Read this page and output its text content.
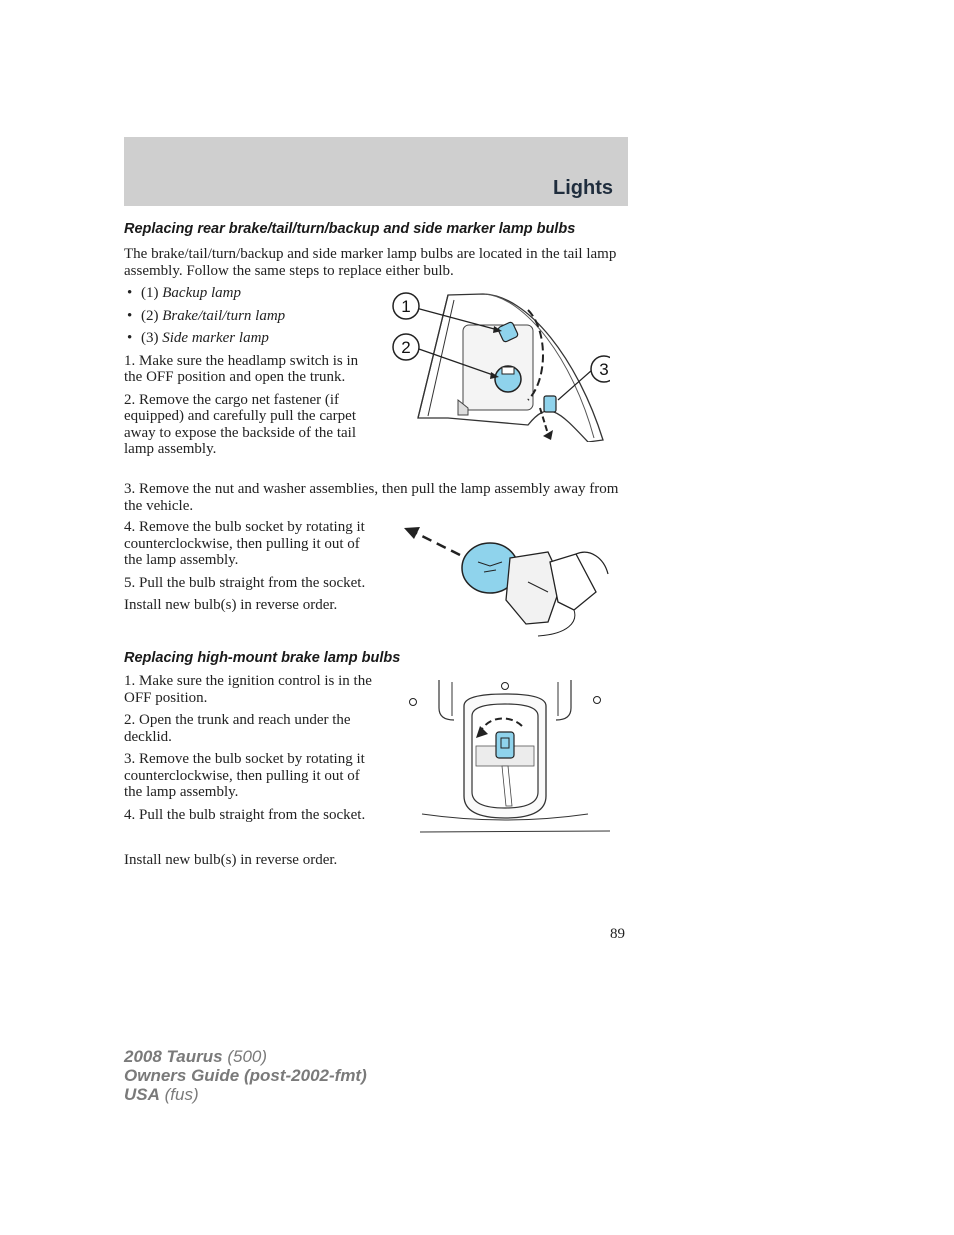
Lights
Replacing rear brake/tail/turn/backup and side marker lamp bulbs
The brake/tail/turn/backup and side marker lamp bulbs are located in the tail lamp assembly. Follow the same steps to replace either bulb.
• (1) Backup lamp
• (2) Brake/tail/turn lamp
• (3) Side marker lamp

1. Make sure the headlamp switch is in the OFF position and open the trunk.

2. Remove the cargo net fastener (if equipped) and carefully pull the carpet away to expose the backside of the tail lamp assembly.

1
2
3
3. Remove the nut and washer assemblies, then pull the lamp assembly away from the vehicle.

4. Remove the bulb socket by rotating it counterclockwise, then pulling it out of the lamp assembly.

5. Pull the bulb straight from the socket.

Install new bulb(s) in reverse order.

Replacing high-mount brake lamp bulbs

1. Make sure the ignition control is in the OFF position.

2. Open the trunk and reach under the decklid.

3. Remove the bulb socket by rotating it counterclockwise, then pulling it out of the lamp assembly.

4. Pull the bulb straight from the socket.

Install new bulb(s) in reverse order.
89
2008 Taurus (500)
Owners Guide (post-2002-fmt)
USA (fus)
